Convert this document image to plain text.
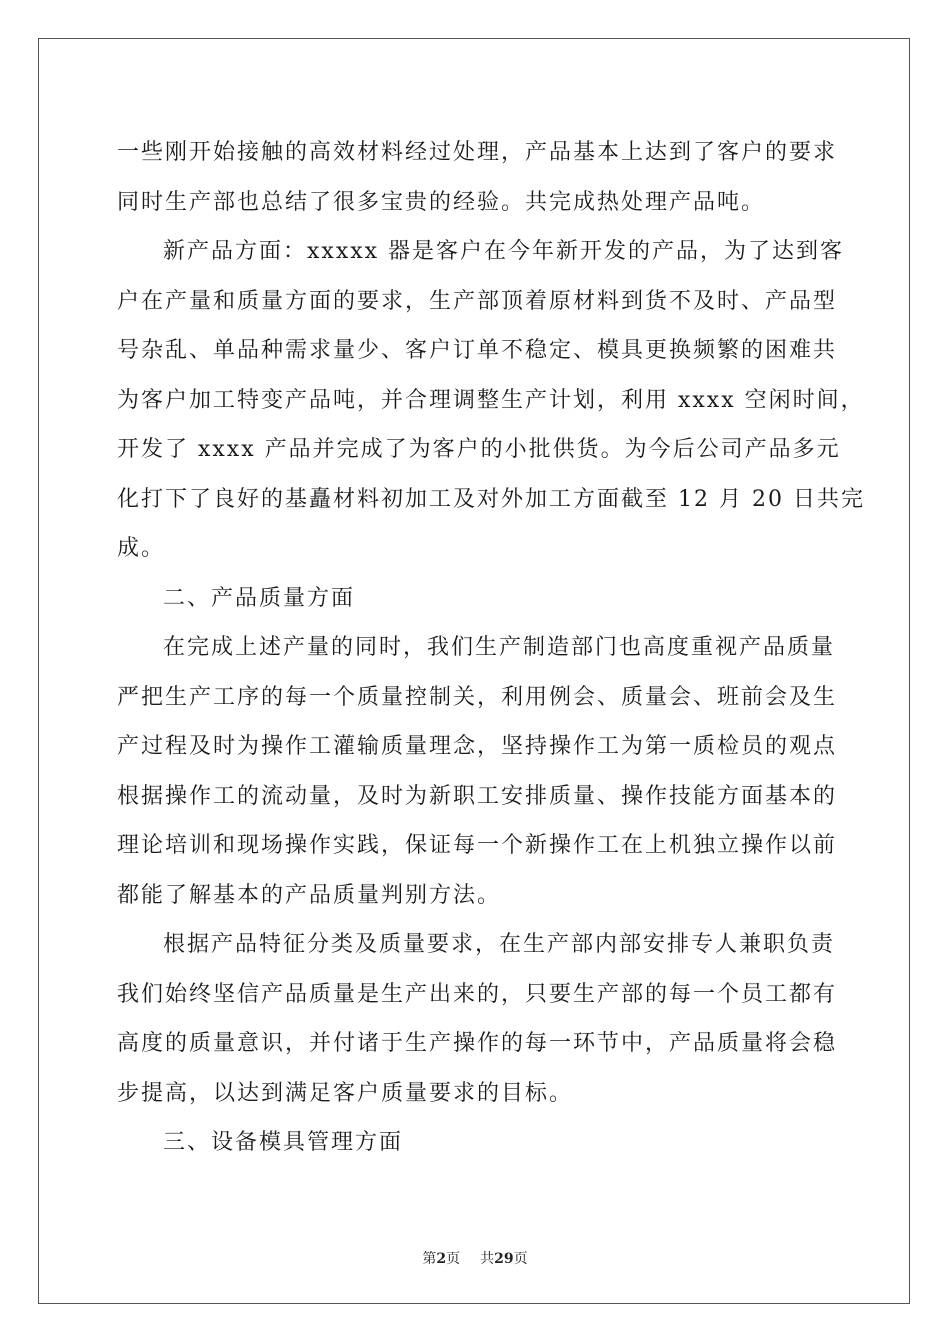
一些刚开始接触的高效材料经过处理，产品基本上达到了客户的要求
同时生产部也总结了很多宝贵的经验。共完成热处理产品吨。
新产品方面：xxxxx 器是客户在今年新开发的产品，为了达到客
户在产量和质量方面的要求，生产部顶着原材料到货不及时、产品型
号杂乱、单品种需求量少、客户订单不稳定、模具更换频繁的困难共
为客户加工特变产品吨，并合理调整生产计划，利用 xxxx 空闲时间，
开发了 xxxx 产品并完成了为客户的小批供货。为今后公司产品多元
化打下了良好的基矗材料初加工及对外加工方面截至 12 月 20 日共完
成。
二、产品质量方面
在完成上述产量的同时，我们生产制造部门也高度重视产品质量
严把生产工序的每一个质量控制关，利用例会、质量会、班前会及生
产过程及时为操作工灌输质量理念，坚持操作工为第一质检员的观点
根据操作工的流动量，及时为新职工安排质量、操作技能方面基本的
理论培训和现场操作实践，保证每一个新操作工在上机独立操作以前
都能了解基本的产品质量判别方法。
根据产品特征分类及质量要求，在生产部内部安排专人兼职负责
我们始终坚信产品质量是生产出来的，只要生产部的每一个员工都有
高度的质量意识，并付诸于生产操作的每一环节中，产品质量将会稳
步提高，以达到满足客户质量要求的目标。
三、设备模具管理方面
第2页 共29页
